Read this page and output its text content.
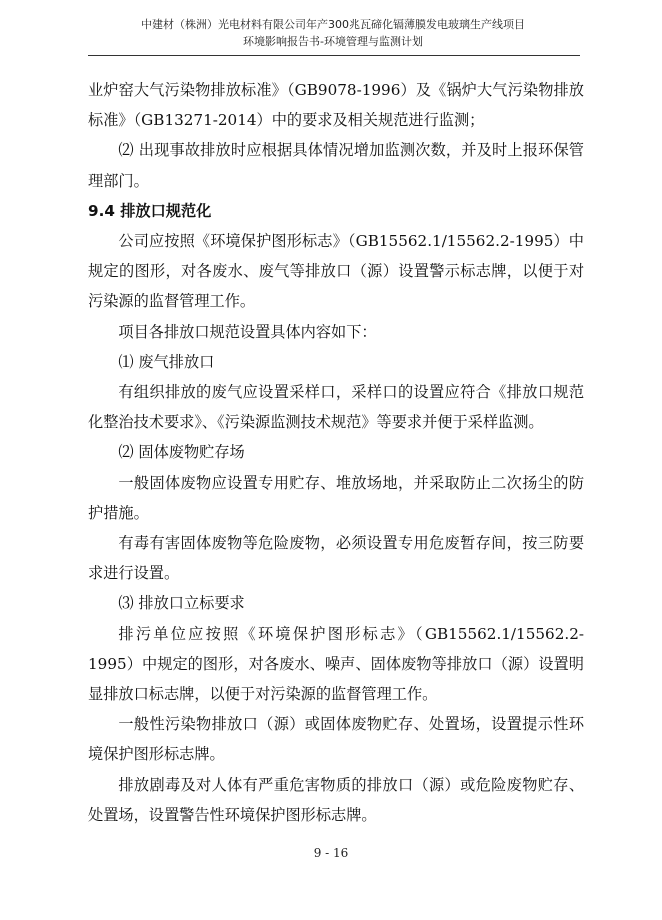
中建材（株洲）光电材料有限公司年产300兆瓦碲化镉薄膜发电玻璃生产线项目
环境影响报告书-环境管理与监测计划

业炉窑大气污染物排放标准》（GB9078-1996）及《锅炉大气污染物排放标准》（GB13271-2014）中的要求及相关规范进行监测；

⑵ 出现事故排放时应根据具体情况增加监测次数，并及时上报环保管理部门。

9.4 排放口规范化

公司应按照《环境保护图形标志》（GB15562.1/15562.2-1995）中规定的图形，对各废水、废气等排放口（源）设置警示标志牌，以便于对污染源的监督管理工作。

项目各排放口规范设置具体内容如下：

⑴ 废气排放口

有组织排放的废气应设置采样口，采样口的设置应符合《排放口规范化整治技术要求》、《污染源监测技术规范》等要求并便于采样监测。

⑵ 固体废物贮存场

一般固体废物应设置专用贮存、堆放场地，并采取防止二次扬尘的防护措施。

有毒有害固体废物等危险废物，必须设置专用危废暂存间，按三防要求进行设置。

⑶ 排放口立标要求

排污单位应按照《环境保护图形标志》（GB15562.1/15562.2-1995）中规定的图形，对各废水、噪声、固体废物等排放口（源）设置明显排放口标志牌，以便于对污染源的监督管理工作。

一般性污染物排放口（源）或固体废物贮存、处置场，设置提示性环境保护图形标志牌。

排放剧毒及对人体有严重危害物质的排放口（源）或危险废物贮存、处置场，设置警告性环境保护图形标志牌。

9 - 16
